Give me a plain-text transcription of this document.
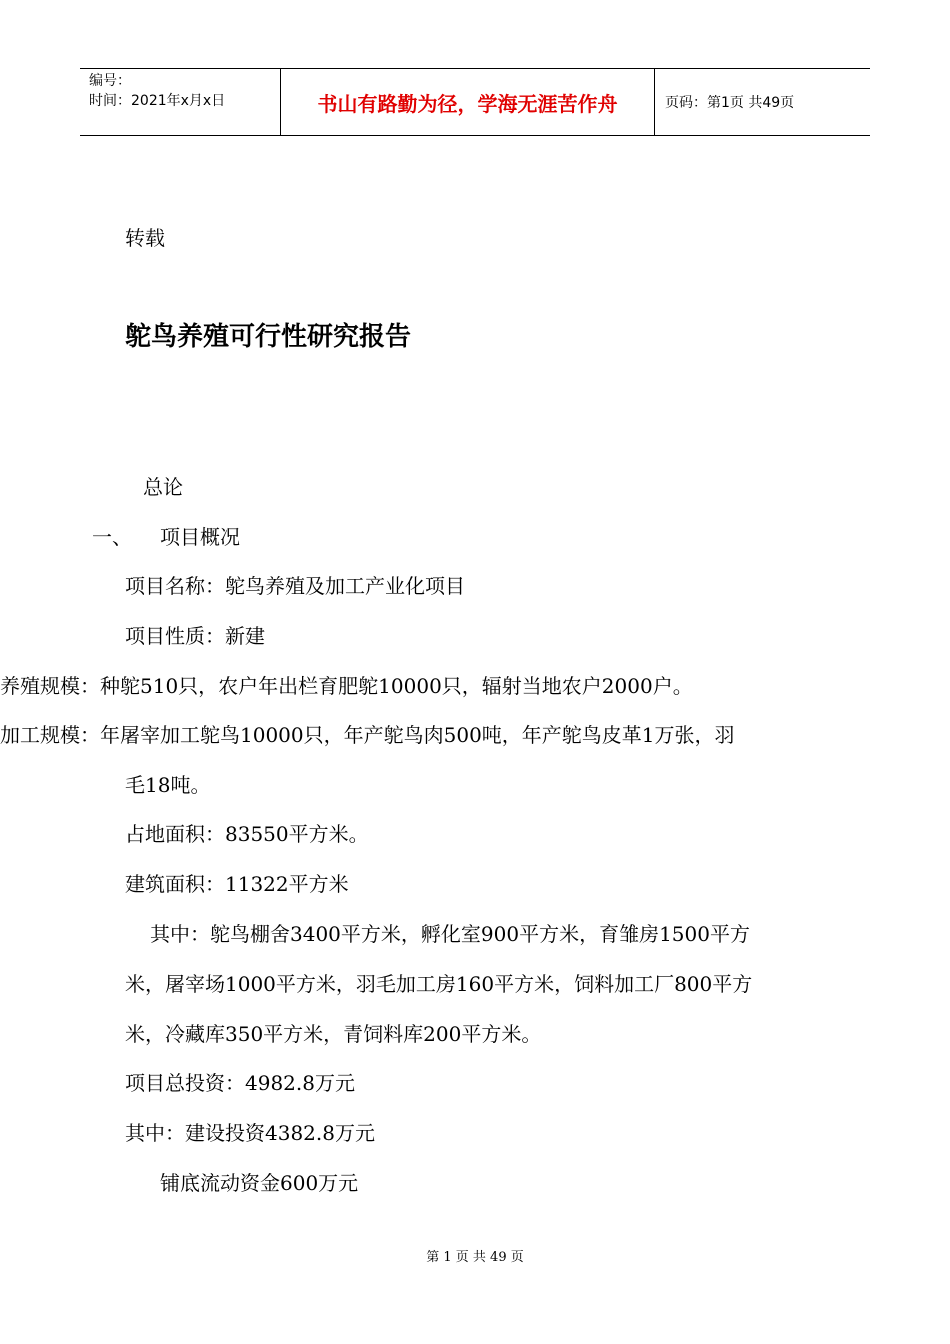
编号：
时间：2021年x月x日	书山有路勤为径，学海无涯苦作舟	页码：第1页 共49页
转载
鸵鸟养殖可行性研究报告
总论
一、 项目概况
项目名称：鸵鸟养殖及加工产业化项目
项目性质：新建
养殖规模：种鸵510只，农户年出栏育肥鸵10000只，辐射当地农户2000户。
加工规模：年屠宰加工鸵鸟10000只，年产鸵鸟肉500吨，年产鸵鸟皮革1万张，羽
毛18吨。
占地面积：83550平方米。
建筑面积：11322平方米
其中：鸵鸟棚舍3400平方米，孵化室900平方米，育雏房1500平方
米，屠宰场1000平方米，羽毛加工房160平方米，饲料加工厂800平方
米，冷藏库350平方米，青饲料库200平方米。
项目总投资：4982.8万元
其中：建设投资4382.8万元
铺底流动资金600万元
第 1 页 共 49 页
